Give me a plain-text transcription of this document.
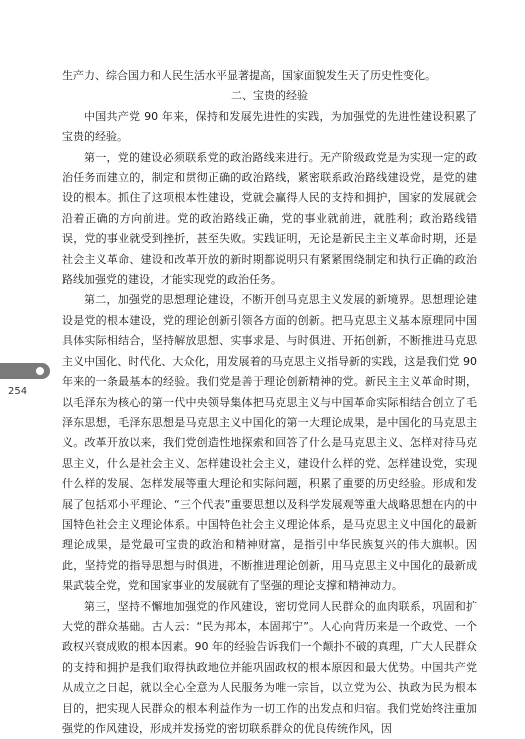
254

生产力、综合国力和人民生活水平显著提高，国家面貌发生天了历史性变化。

二、宝贵的经验

中国共产党 90 年来，保持和发展先进性的实践，为加强党的先进性建设积累了宝贵的经验。

第一，党的建设必须联系党的政治路线来进行。无产阶级政党是为实现一定的政治任务而建立的，制定和贯彻正确的政治路线，紧密联系政治路线建设党，是党的建设的根本。抓住了这项根本性建设，党就会赢得人民的支持和拥护，国家的发展就会沿着正确的方向前进。党的政治路线正确，党的事业就前进，就胜利；政治路线错误，党的事业就受到挫折，甚至失败。实践证明，无论是新民主主义革命时期，还是社会主义革命、建设和改革开放的新时期都说明只有紧紧围绕制定和执行正确的政治路线加强党的建设，才能实现党的政治任务。

第二，加强党的思想理论建设，不断开创马克思主义发展的新境界。思想理论建设是党的根本建设，党的理论创新引领各方面的创新。把马克思主义基本原理同中国具体实际相结合，坚持解放思想、实事求是、与时俱进、开拓创新，不断推进马克思主义中国化、时代化、大众化，用发展着的马克思主义指导新的实践，这是我们党 90 年来的一条最基本的经验。我们党是善于理论创新精神的党。新民主主义革命时期，以毛泽东为核心的第一代中央领导集体把马克思主义与中国革命实际相结合创立了毛泽东思想，毛泽东思想是马克思主义中国化的第一大理论成果，是中国化的马克思主义。改革开放以来，我们党创造性地探索和回答了什么是马克思主义、怎样对待马克思主义，什么是社会主义、怎样建设社会主义，建设什么样的党、怎样建设党，实现什么样的发展、怎样发展等重大理论和实际问题，积累了重要的历史经验。形成和发展了包括邓小平理论、“三个代表”重要思想以及科学发展观等重大战略思想在内的中国特色社会主义理论体系。中国特色社会主义理论体系，是马克思主义中国化的最新理论成果，是党最可宝贵的政治和精神财富，是指引中华民族复兴的伟大旗帜。因此，坚持党的指导思想与时俱进，不断推进理论创新，用马克思主义中国化的最新成果武装全党，党和国家事业的发展就有了坚强的理论支撑和精神动力。

第三，坚持不懈地加强党的作风建设，密切党同人民群众的血肉联系，巩固和扩大党的群众基础。古人云：“民为邦本，本固邦宁”。人心向背历来是一个政党、一个政权兴衰成败的根本因素。90 年的经验告诉我们一个颠扑不破的真理，广大人民群众的支持和拥护是我们取得执政地位并能巩固政权的根本原因和最大优势。中国共产党从成立之日起，就以全心全意为人民服务为唯一宗旨，以立党为公、执政为民为根本目的，把实现人民群众的根本利益作为一切工作的出发点和归宿。我们党始终注重加强党的作风建设，形成并发扬党的密切联系群众的优良传统作风，因
